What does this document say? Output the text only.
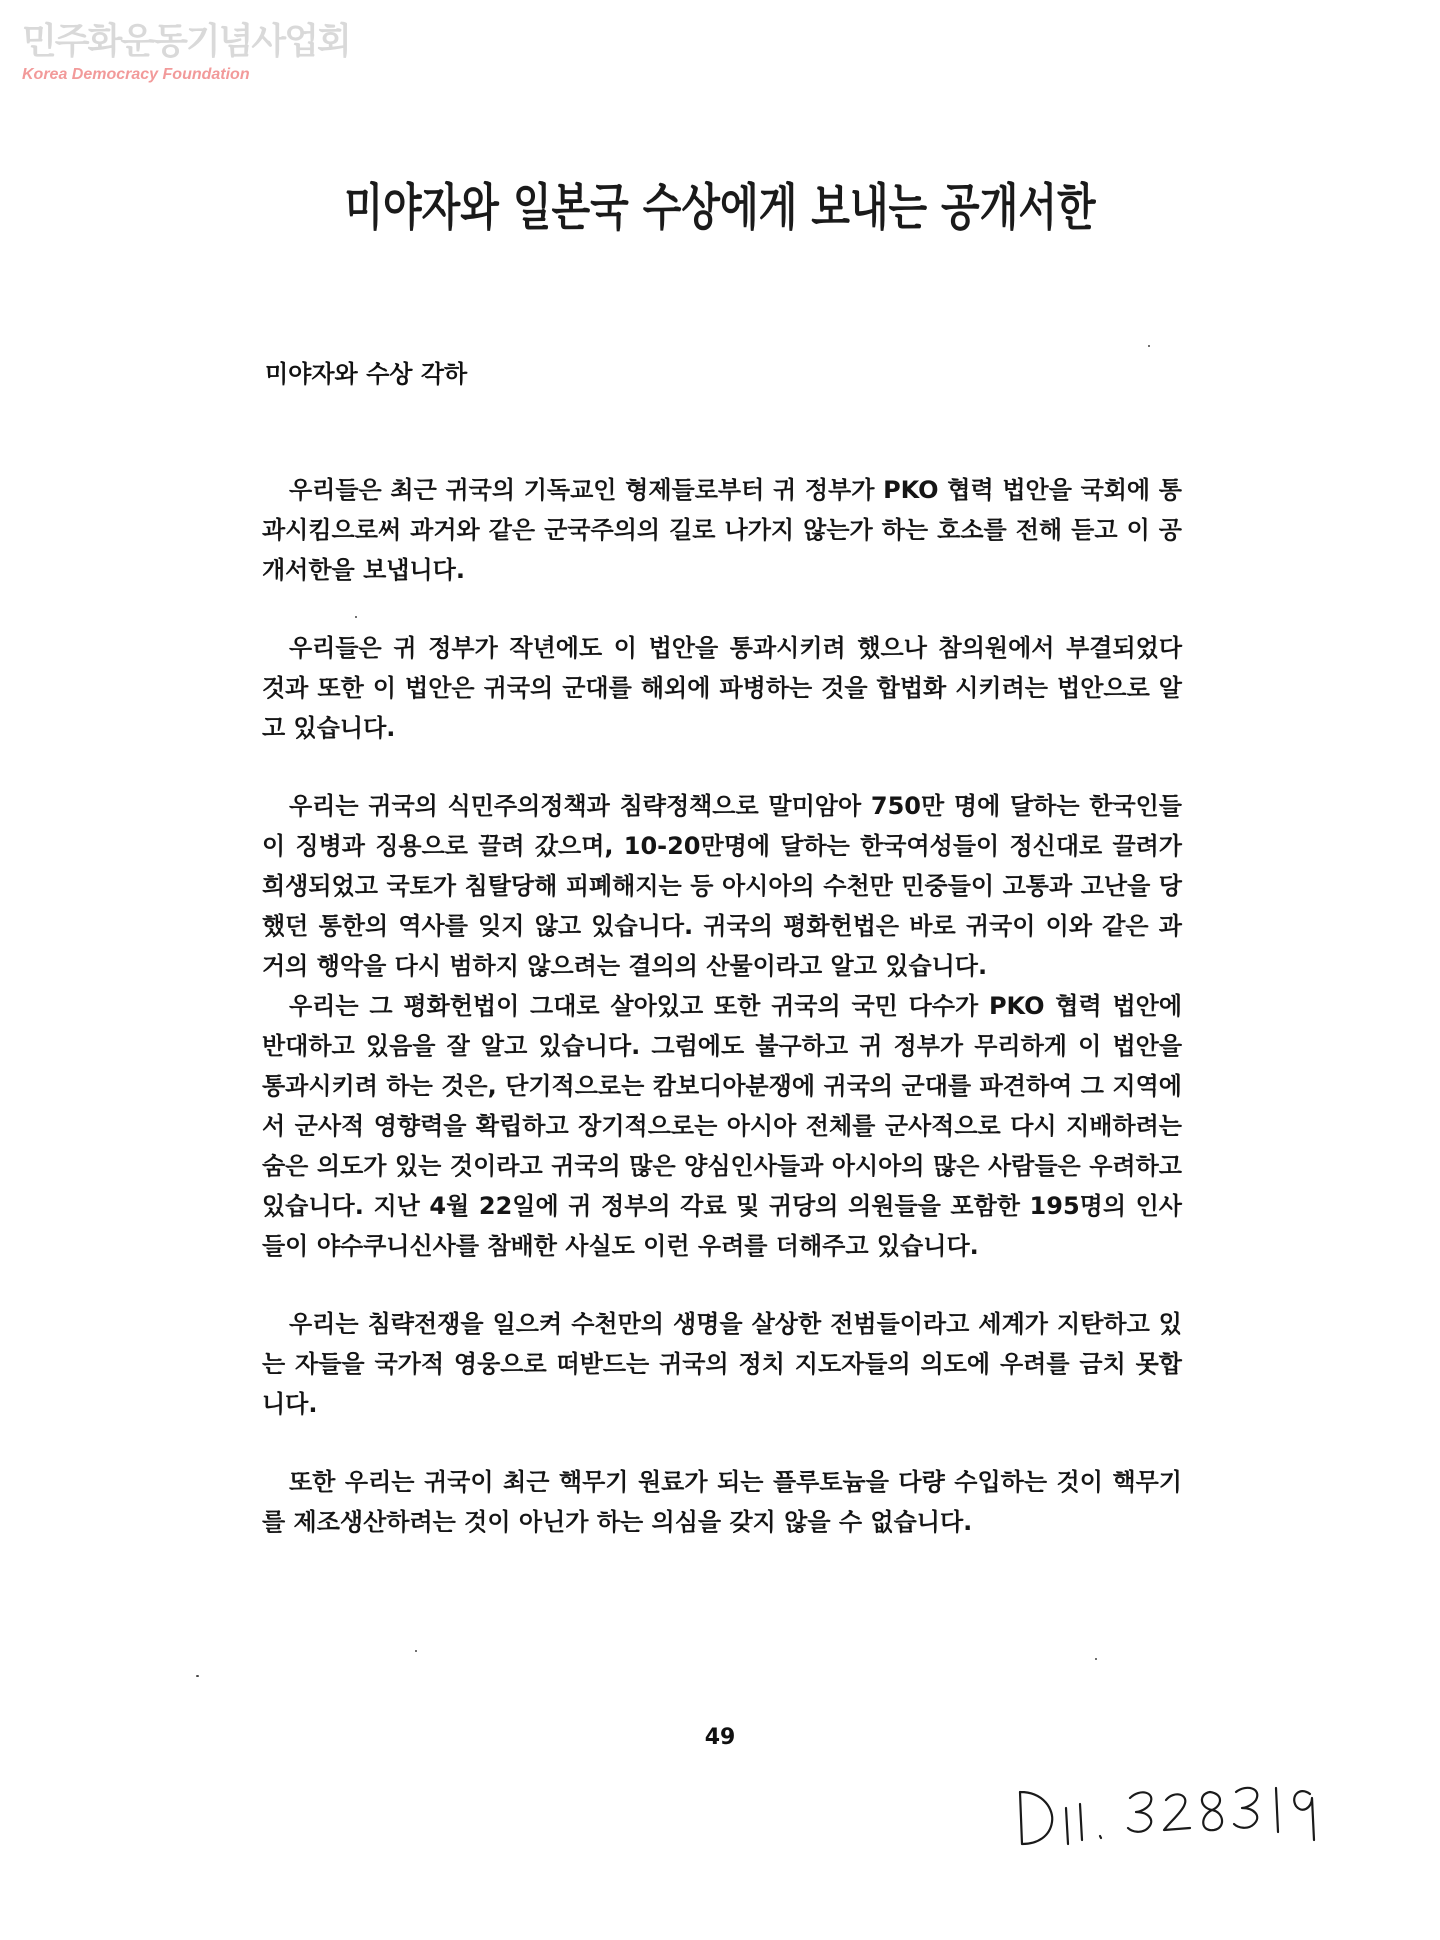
민주화운동기념사업회
Korea Democracy Foundation
미야자와 일본국 수상에게 보내는 공개서한
미야자와 수상 각하

우리들은 최근 귀국의 기독교인 형제들로부터 귀 정부가 PKO 협력 법안을 국회에 통과시킴으로써 과거와 같은 군국주의의 길로 나가지 않는가 하는 호소를 전해 듣고 이 공개서한을 보냅니다.

우리들은 귀 정부가 작년에도 이 법안을 통과시키려 했으나 참의원에서 부결되었다 것과 또한 이 법안은 귀국의 군대를 해외에 파병하는 것을 합법화 시키려는 법안으로 알고 있습니다.

우리는 귀국의 식민주의정책과 침략정책으로 말미암아 750만 명에 달하는 한국인들이 징병과 징용으로 끌려 갔으며, 10-20만명에 달하는 한국여성들이 정신대로 끌려가 희생되었고 국토가 침탈당해 피폐해지는 등 아시아의 수천만 민중들이 고통과 고난을 당했던 통한의 역사를 잊지 않고 있습니다. 귀국의 평화헌법은 바로 귀국이 이와 같은 과거의 행악을 다시 범하지 않으려는 결의의 산물이라고 알고 있습니다.

우리는 그 평화헌법이 그대로 살아있고 또한 귀국의 국민 다수가 PKO 협력 법안에 반대하고 있음을 잘 알고 있습니다. 그럼에도 불구하고 귀 정부가 무리하게 이 법안을 통과시키려 하는 것은, 단기적으로는 캄보디아분쟁에 귀국의 군대를 파견하여 그 지역에서 군사적 영향력을 확립하고 장기적으로는 아시아 전체를 군사적으로 다시 지배하려는 숨은 의도가 있는 것이라고 귀국의 많은 양심인사들과 아시아의 많은 사람들은 우려하고 있습니다. 지난 4월 22일에 귀 정부의 각료 및 귀당의 의원들을 포함한 195명의 인사들이 야수쿠니신사를 참배한 사실도 이런 우려를 더해주고 있습니다.

우리는 침략전쟁을 일으켜 수천만의 생명을 살상한 전범들이라고 세계가 지탄하고 있는 자들을 국가적 영웅으로 떠받드는 귀국의 정치 지도자들의 의도에 우려를 금치 못합니다.

또한 우리는 귀국이 최근 핵무기 원료가 되는 플루토늄을 다량 수입하는 것이 핵무기를 제조생산하려는 것이 아닌가 하는 의심을 갖지 않을 수 없습니다.

49
